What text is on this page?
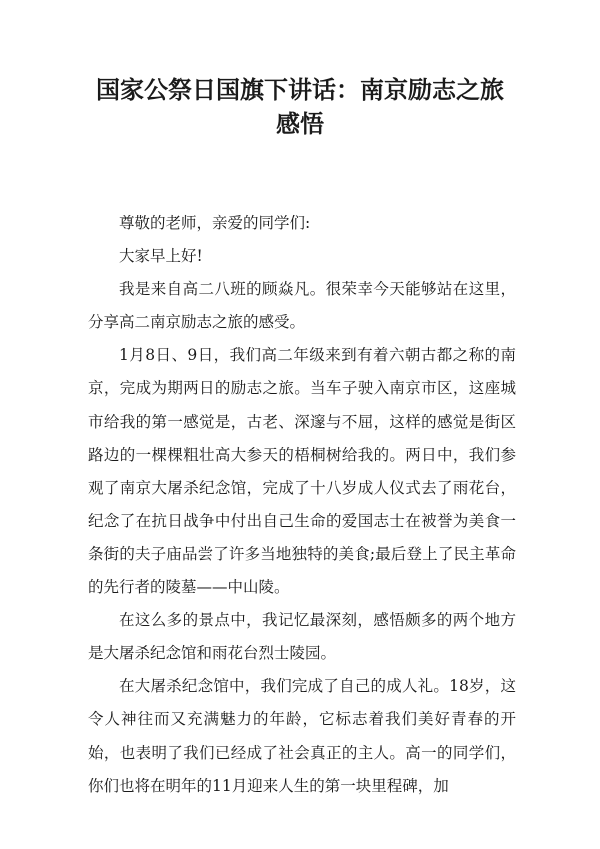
国家公祭日国旗下讲话：南京励志之旅
感悟

尊敬的老师，亲爱的同学们:

大家早上好!

我是来自高二八班的顾焱凡。很荣幸今天能够站在这里，分享高二南京励志之旅的感受。

1月8日、9日，我们高二年级来到有着六朝古都之称的南京，完成为期两日的励志之旅。当车子驶入南京市区，这座城市给我的第一感觉是，古老、深邃与不屈，这样的感觉是街区路边的一棵棵粗壮高大参天的梧桐树给我的。两日中，我们参观了南京大屠杀纪念馆，完成了十八岁成人仪式去了雨花台，纪念了在抗日战争中付出自己生命的爱国志士在被誉为美食一条街的夫子庙品尝了许多当地独特的美食;最后登上了民主革命的先行者的陵墓——中山陵。

在这么多的景点中，我记忆最深刻，感悟颇多的两个地方是大屠杀纪念馆和雨花台烈士陵园。

在大屠杀纪念馆中，我们完成了自己的成人礼。18岁，这令人神往而又充满魅力的年龄，它标志着我们美好青春的开始，也表明了我们已经成了社会真正的主人。高一的同学们，你们也将在明年的11月迎来人生的第一块里程碑，加
